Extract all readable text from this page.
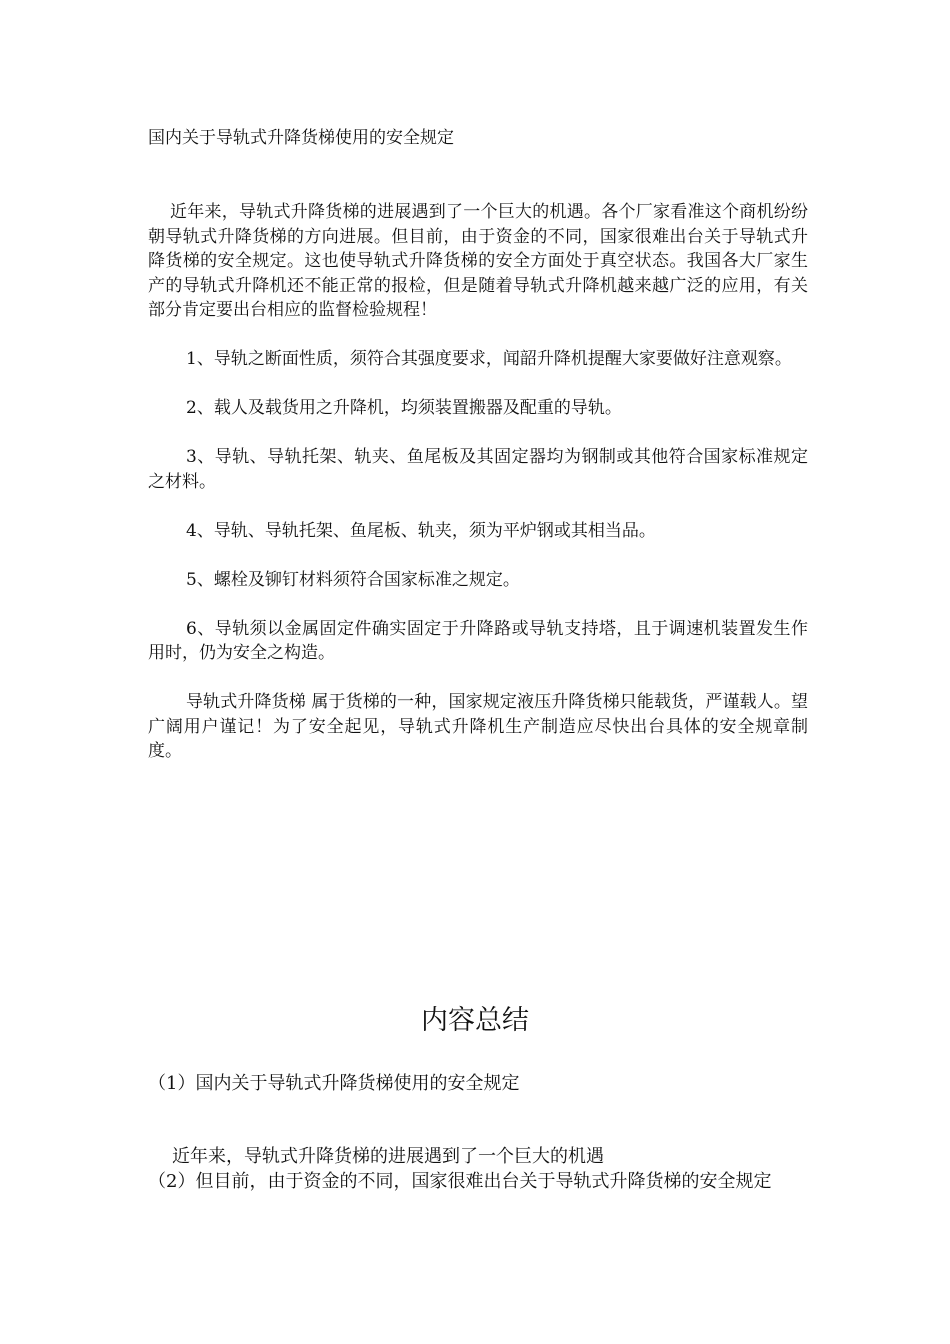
国内关于导轨式升降货梯使用的安全规定

近年来，导轨式升降货梯的进展遇到了一个巨大的机遇。各个厂家看准这个商机纷纷朝导轨式升降货梯的方向进展。但目前，由于资金的不同，国家很难出台关于导轨式升降货梯的安全规定。这也使导轨式升降货梯的安全方面处于真空状态。我国各大厂家生产的导轨式升降机还不能正常的报检，但是随着导轨式升降机越来越广泛的应用，有关部分肯定要出台相应的监督检验规程！

1、导轨之断面性质，须符合其强度要求，闻韶升降机提醒大家要做好注意观察。

2、载人及载货用之升降机，均须装置搬器及配重的导轨。

3、导轨、导轨托架、轨夹、鱼尾板及其固定器均为钢制或其他符合国家标准规定之材料。

4、导轨、导轨托架、鱼尾板、轨夹，须为平炉钢或其相当品。

5、螺栓及铆钉材料须符合国家标准之规定。

6、导轨须以金属固定件确实固定于升降路或导轨支持塔，且于调速机装置发生作用时，仍为安全之构造。

导轨式升降货梯 属于货梯的一种，国家规定液压升降货梯只能载货，严谨载人。望广阔用户谨记！为了安全起见，导轨式升降机生产制造应尽快出台具体的安全规章制度。

内容总结

（1）国内关于导轨式升降货梯使用的安全规定

近年来，导轨式升降货梯的进展遇到了一个巨大的机遇

（2）但目前，由于资金的不同，国家很难出台关于导轨式升降货梯的安全规定
